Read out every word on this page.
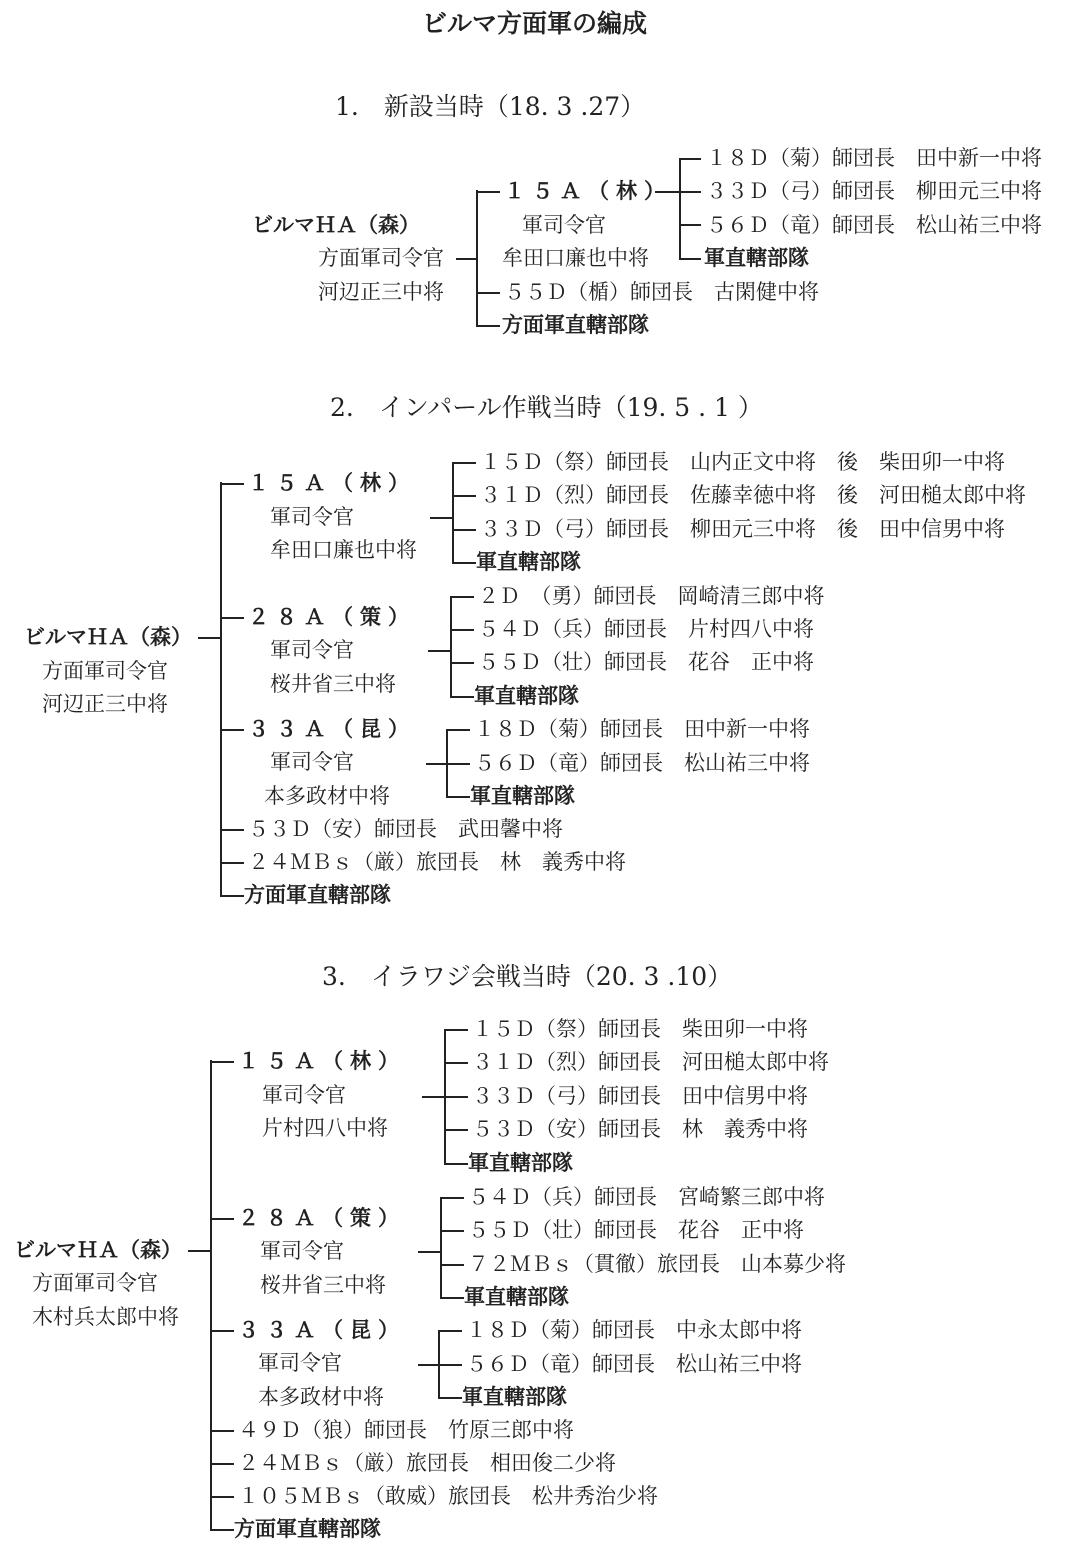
ビルマ方面軍の編成
1.　新設当時（18. 3 .27）
ビルマＨＡ（森）
方面軍司令官
河辺正三中将
１５Ａ（林）
軍司令官
牟田口廉也中将
１８Ｄ（菊）師団長　田中新一中将
３３Ｄ（弓）師団長　柳田元三中将
５６Ｄ（竜）師団長　松山祐三中将
軍直轄部隊
５５Ｄ（楯）師団長　古閑健中将
方面軍直轄部隊
2.　インパール作戦当時（19. 5 . 1 ）
ビルマＨＡ（森）
方面軍司令官
河辺正三中将
１５Ａ（林）
軍司令官
牟田口廉也中将
１５Ｄ（祭）師団長　山内正文中将　後　柴田卯一中将
３１Ｄ（烈）師団長　佐藤幸徳中将　後　河田槌太郎中将
３３Ｄ（弓）師団長　柳田元三中将　後　田中信男中将
軍直轄部隊
２８Ａ（策）
軍司令官
桜井省三中将
２Ｄ　（勇）師団長　岡崎清三郎中将
５４Ｄ（兵）師団長　片村四八中将
５５Ｄ（壮）師団長　花谷　正中将
軍直轄部隊
３３Ａ（昆）
軍司令官
本多政材中将
１８Ｄ（菊）師団長　田中新一中将
５６Ｄ（竜）師団長　松山祐三中将
軍直轄部隊
５３Ｄ（安）師団長　武田馨中将
２４ＭＢｓ（厳）旅団長　林　義秀中将
方面軍直轄部隊
3.　イラワジ会戦当時（20. 3 .10）
ビルマＨＡ（森）
方面軍司令官
木村兵太郎中将
１５Ａ（林）
軍司令官
片村四八中将
１５Ｄ（祭）師団長　柴田卯一中将
３１Ｄ（烈）師団長　河田槌太郎中将
３３Ｄ（弓）師団長　田中信男中将
５３Ｄ（安）師団長　林　義秀中将
軍直轄部隊
２８Ａ（策）
軍司令官
桜井省三中将
５４Ｄ（兵）師団長　宮崎繁三郎中将
５５Ｄ（壮）師団長　花谷　正中将
７２ＭＢｓ（貫徹）旅団長　山本募少将
軍直轄部隊
３３Ａ（昆）
軍司令官
本多政材中将
１８Ｄ（菊）師団長　中永太郎中将
５６Ｄ（竜）師団長　松山祐三中将
軍直轄部隊
４９Ｄ（狼）師団長　竹原三郎中将
２４ＭＢｓ（厳）旅団長　相田俊二少将
１０５ＭＢｓ（敢威）旅団長　松井秀治少将
方面軍直轄部隊
